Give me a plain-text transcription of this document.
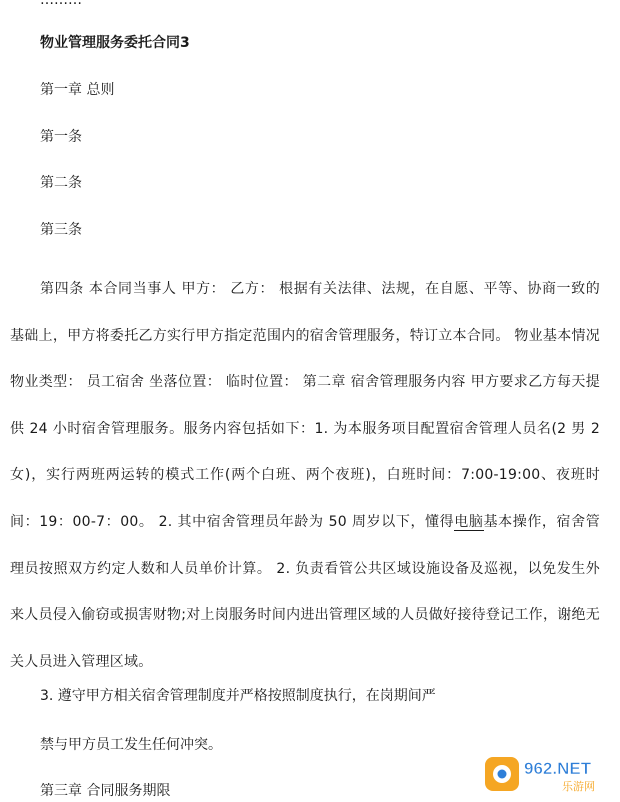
………
物业管理服务委托合同3
第一章 总则
第一条
第二条
第三条
第四条 本合同当事人 甲方： 乙方： 根据有关法律、法规，在自愿、平等、协商一致的基础上，甲方将委托乙方实行甲方指定范围内的宿舍管理服务，特订立本合同。 物业基本情况 物业类型： 员工宿舍 坐落位置： 临时位置： 第二章 宿舍管理服务内容 甲方要求乙方每天提供 24 小时宿舍管理服务。服务内容包括如下：1. 为本服务项目配置宿舍管理人员名(2 男 2 女)，实行两班两运转的模式工作(两个白班、两个夜班)，白班时间：7:00-19:00、夜班时间：19：00-7：00。 2. 其中宿舍管理员年龄为 50 周岁以下，懂得电脑基本操作，宿舍管理员按照双方约定人数和人员单价计算。 2. 负责看管公共区域设施设备及巡视，以免发生外来人员侵入偷窃或损害财物;对上岗服务时间内进出管理区域的人员做好接待登记工作，谢绝无关人员进入管理区域。
3. 遵守甲方相关宿舍管理制度并严格按照制度执行，在岗期间严
禁与甲方员工发生任何冲突。
第三章 合同服务期限
962.NET
乐游网
